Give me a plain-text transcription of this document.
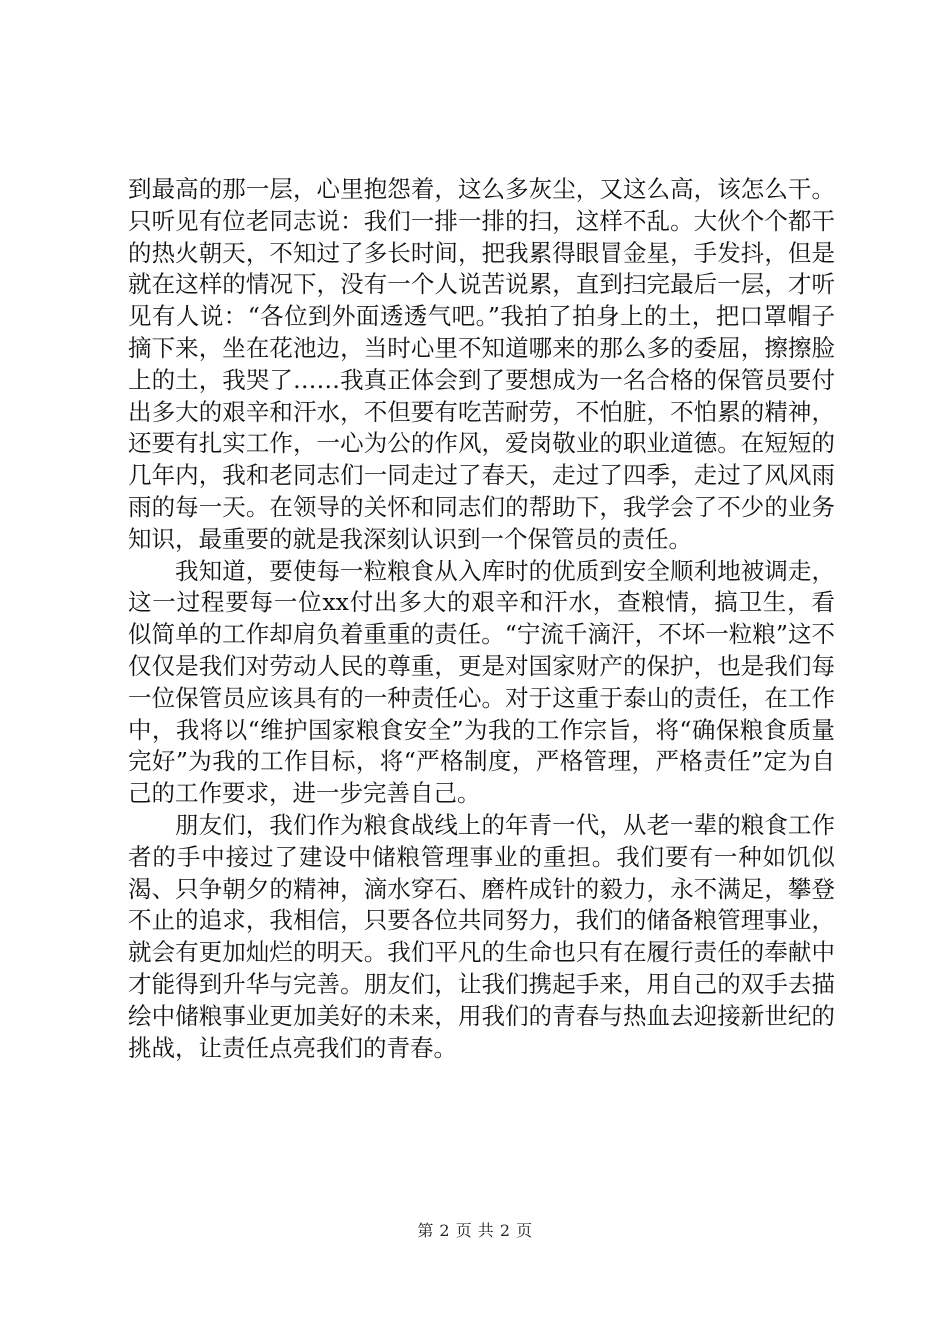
到最高的那一层，心里抱怨着，这么多灰尘，又这么高，该怎么干。只听见有位老同志说：我们一排一排的扫，这样不乱。大伙个个都干的热火朝天，不知过了多长时间，把我累得眼冒金星，手发抖，但是就在这样的情况下，没有一个人说苦说累，直到扫完最后一层，才听见有人说：“各位到外面透透气吧。”我拍了拍身上的土，把口罩帽子摘下来，坐在花池边，当时心里不知道哪来的那么多的委屈，擦擦脸上的土，我哭了……我真正体会到了要想成为一名合格的保管员要付出多大的艰辛和汗水，不但要有吃苦耐劳，不怕脏，不怕累的精神，还要有扎实工作，一心为公的作风，爱岗敬业的职业道德。在短短的几年内，我和老同志们一同走过了春天，走过了四季，走过了风风雨雨的每一天。在领导的关怀和同志们的帮助下，我学会了不少的业务知识，最重要的就是我深刻认识到一个保管员的责任。

我知道，要使每一粒粮食从入库时的优质到安全顺利地被调走，这一过程要每一位xx付出多大的艰辛和汗水，查粮情，搞卫生，看似简单的工作却肩负着重重的责任。“宁流千滴汗，不坏一粒粮”这不仅仅是我们对劳动人民的尊重，更是对国家财产的保护，也是我们每一位保管员应该具有的一种责任心。对于这重于泰山的责任，在工作中，我将以“维护国家粮食安全”为我的工作宗旨，将“确保粮食质量完好”为我的工作目标，将“严格制度，严格管理，严格责任”定为自己的工作要求，进一步完善自己。

朋友们，我们作为粮食战线上的年青一代，从老一辈的粮食工作者的手中接过了建设中储粮管理事业的重担。我们要有一种如饥似渴、只争朝夕的精神，滴水穿石、磨杵成针的毅力，永不满足，攀登不止的追求，我相信，只要各位共同努力，我们的储备粮管理事业，就会有更加灿烂的明天。我们平凡的生命也只有在履行责任的奉献中才能得到升华与完善。朋友们，让我们携起手来，用自己的双手去描绘中储粮事业更加美好的未来，用我们的青春与热血去迎接新世纪的挑战，让责任点亮我们的青春。

第 2 页 共 2 页
